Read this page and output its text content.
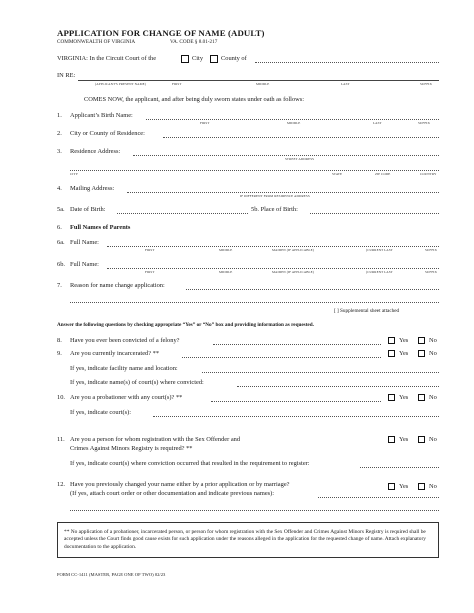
APPLICATION FOR CHANGE OF NAME (ADULT)
COMMONWEALTH OF VIRGINIA	VA. CODE § 8.01-217
VIRGINIA: In the Circuit Court of the	City	County of
IN RE:
(APPLICANT'S PRESENT NAME)	FIRST	MIDDLE	LAST	SUFFIX
COMES NOW, the applicant, and after being duly sworn states under oath as follows:
1. Applicant’s Birth Name:
FIRST	MIDDLE	LAST	SUFFIX
2. City or County of Residence:
3. Residence Address:
STREET ADDRESS
CITY	STATE	ZIP CODE	COUNTRY
4. Mailing Address:
IF DIFFERENT FROM RESIDENCE ADDRESS
5a. Date of Birth:	5b. Place of Birth:
6. Full Names of Parents
6a. Full Name:
FIRST	MIDDLE	MAIDEN (IF APPLICABLE)	(CURRENT LAST	SUFFIX
6b. Full Name:
FIRST	MIDDLE	MAIDEN (IF APPLICABLE)	(CURRENT LAST	SUFFIX
7. Reason for name change application:
[ ] Supplemental sheet attached
Answer the following questions by checking appropriate “Yes” or “No” box and providing information as requested.
8. Have you ever been convicted of a felony?	Yes	No
9. Are you currently incarcerated? **	Yes	No
If yes, indicate facility name and location:
If yes, indicate name(s) of court(s) where convicted:
10. Are you a probationer with any court(s)? **	Yes	No
If yes, indicate court(s):
11. Are you a person for whom registration with the Sex Offender and
Crimes Against Minors Registry is required? **
Yes	No
If yes, indicate court(s) where conviction occurred that resulted in the requirement to register:
12. Have you previously changed your name either by a prior application or by marriage?
(If yes, attach court order or other documentation and indicate previous names):
Yes	No

** No application of a probationer, incarcerated person, or person for whom registration with the Sex Offender and Crimes Against Minors Registry is required shall be accepted unless the Court finds good cause exists for such application under the reasons alleged in the application for the requested change of name. Attach explanatory documentation to the application.

FORM CC-1411 (MASTER, PAGE ONE OF TWO) 02/23
